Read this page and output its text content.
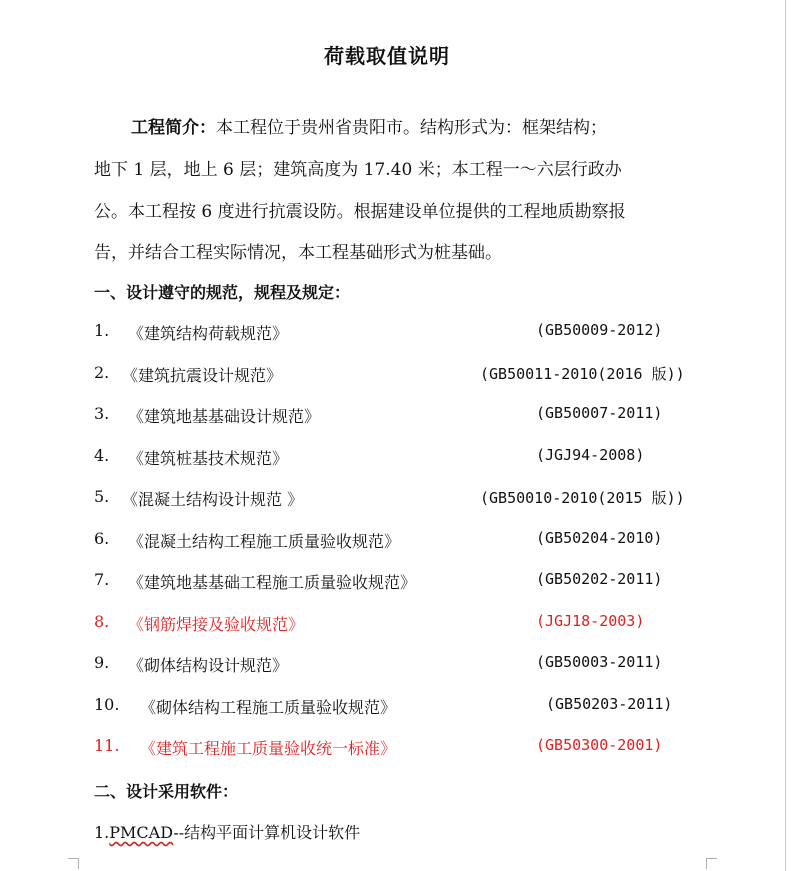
荷载取值说明
工程简介：本工程位于贵州省贵阳市。结构形式为：框架结构；
地下 1 层，地上 6 层；建筑高度为 17.40 米；本工程一～六层行政办
公。本工程按 6 度进行抗震设防。根据建设单位提供的工程地质勘察报
告，并结合工程实际情况，本工程基础形式为桩基础。
一、设计遵守的规范，规程及规定：
1. 《建筑结构荷载规范》	(GB50009-2012)
2. 《建筑抗震设计规范》	(GB50011-2010(2016 版))
3. 《建筑地基基础设计规范》	(GB50007-2011)
4. 《建筑桩基技术规范》	(JGJ94-2008)
5. 《混凝土结构设计规范 》	(GB50010-2010(2015 版))
6. 《混凝土结构工程施工质量验收规范》	(GB50204-2010)
7. 《建筑地基基础工程施工质量验收规范》	(GB50202-2011)
8. 《钢筋焊接及验收规范》	(JGJ18-2003)
9. 《砌体结构设计规范》	(GB50003-2011)
10. 《砌体结构工程施工质量验收规范》	(GB50203-2011)
11. 《建筑工程施工质量验收统一标准》	(GB50300-2001)
二、设计采用软件：
1.PMCAD--结构平面计算机设计软件
